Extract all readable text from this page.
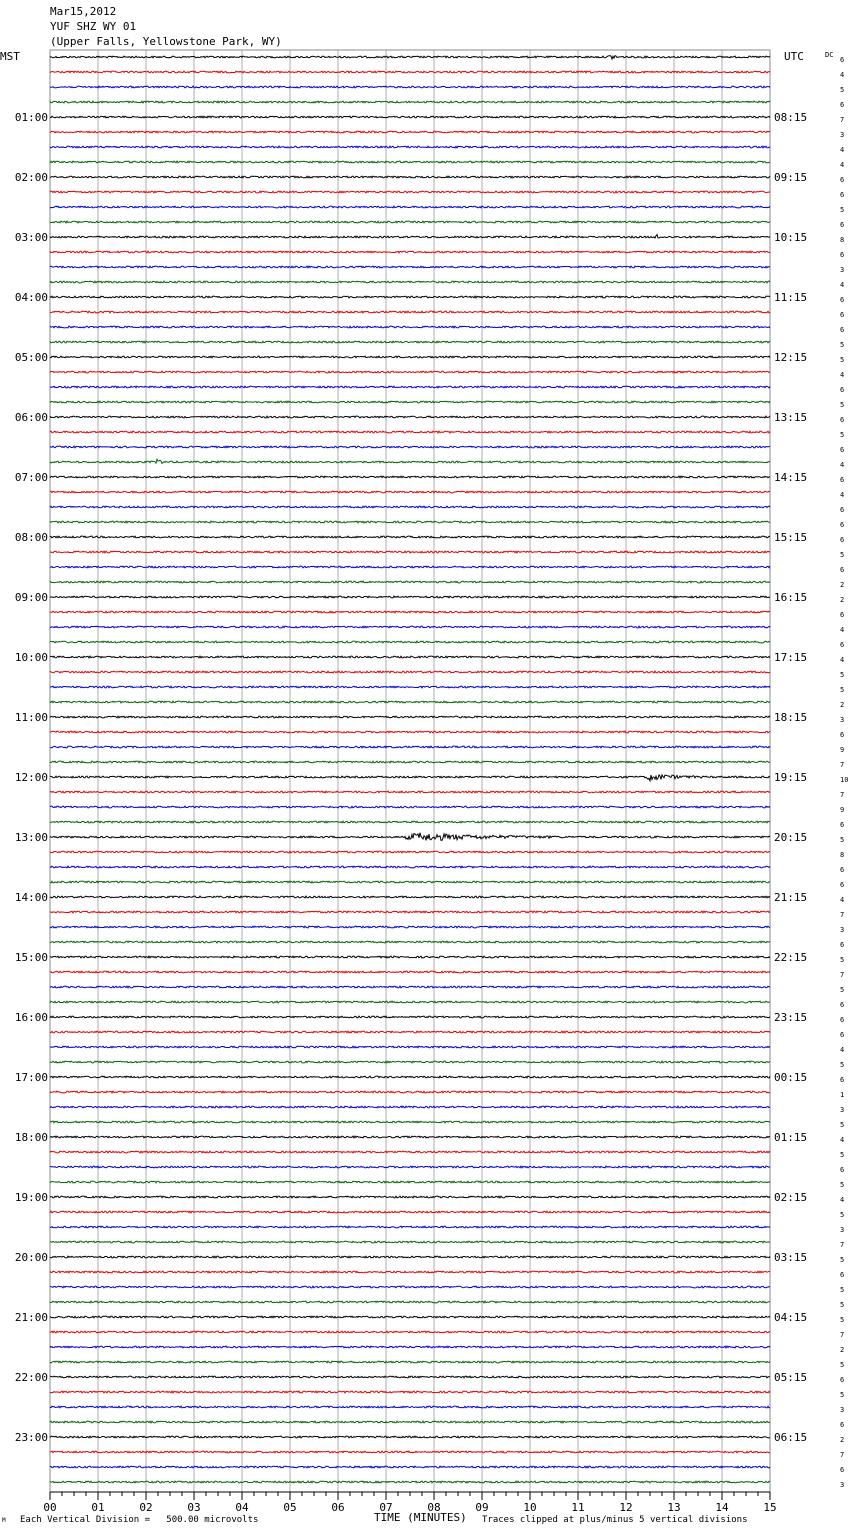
Mar15,2012
YUF SHZ WY 01
(Upper Falls, Yellowstone Park, WY)
6
4
5
6
7
3
4
4
6
6
5
6
8
6
3
4
6
6
6
5
5
4
6
5
6
5
6
4
6
4
6
6
6
5
6
2
2
6
4
6
4
5
5
2
3
6
9
7
10
7
9
6
5
8
6
6
4
7
3
6
5
7
5
6
6
6
4
5
6
1
3
5
4
5
6
5
4
5
3
7
5
6
5
5
5
7
2
5
6
5
3
6
2
7
6
3
01:00
02:00
03:00
04:00
05:00
06:00
07:00
08:00
09:00
10:00
11:00
12:00
13:00
14:00
15:00
16:00
17:00
18:00
19:00
20:00
21:00
22:00
23:00
08:15
09:15
10:15
11:15
12:15
13:15
14:15
15:15
16:15
17:15
18:15
19:15
20:15
21:15
22:15
23:15
00:15
01:15
02:15
03:15
04:15
05:15
06:15
00	01	02	03	04	05	06	07	08	09	10	11	12	13	14	15
MST	UTC	DC
M Each Vertical Division =   500.00 microvolts	TIME (MINUTES) Traces clipped at plus/minus 5 vertical divisions
